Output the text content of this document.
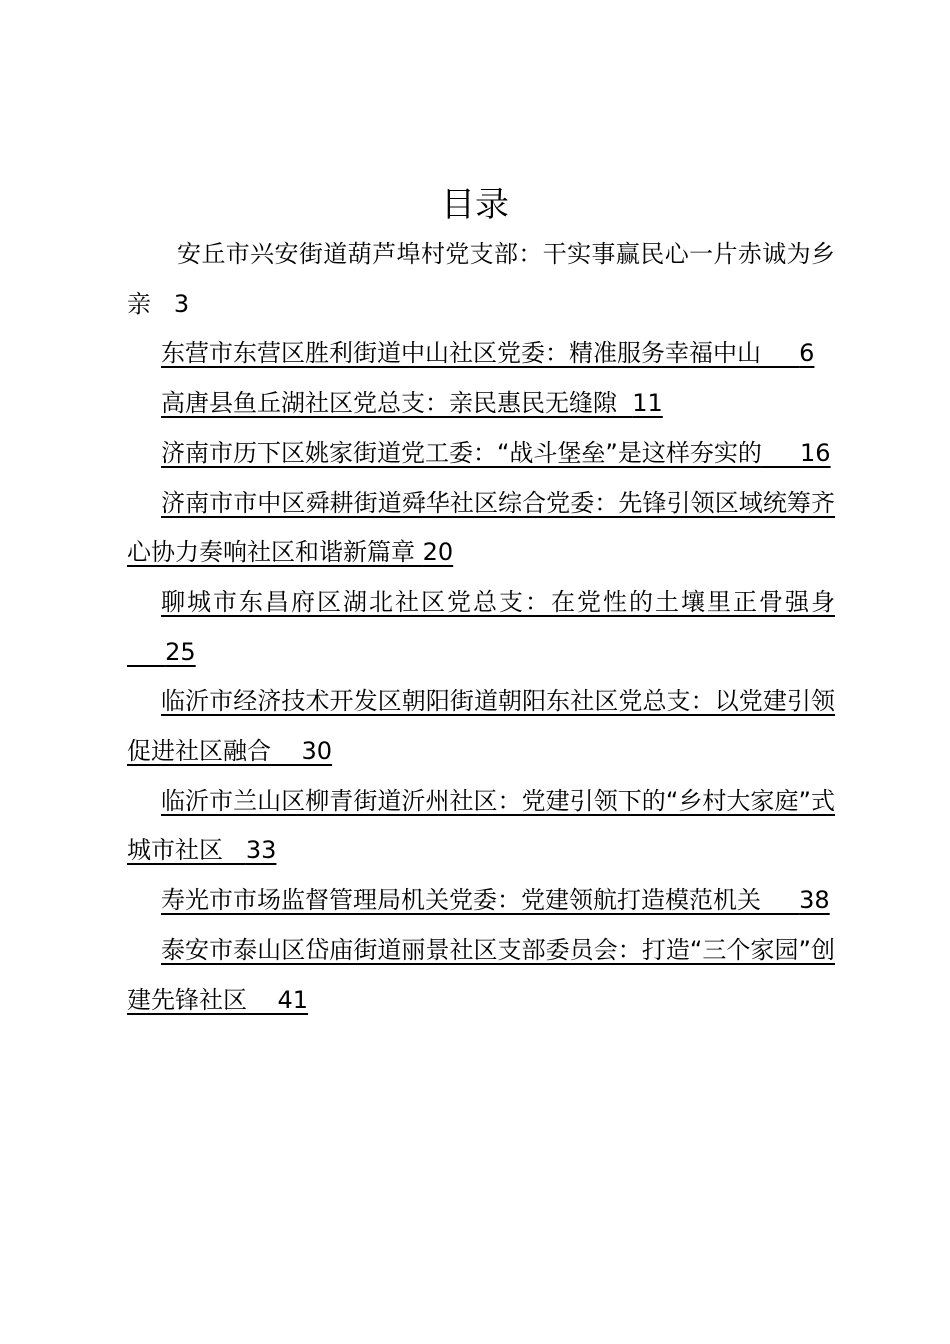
目录
安丘市兴安街道葫芦埠村党支部：干实事赢民心一片赤诚为乡亲 3
东营市东营区胜利街道中山社区党委：精准服务幸福中山 6
高唐县鱼丘湖社区党总支：亲民惠民无缝隙 11
济南市历下区姚家街道党工委：“战斗堡垒”是这样夯实的 16
济南市市中区舜耕街道舜华社区综合党委：先锋引领区域统筹齐心协力奏响社区和谐新篇章 20
聊城市东昌府区湖北社区党总支：在党性的土壤里正骨强身     25
临沂市经济技术开发区朝阳街道朝阳东社区党总支：以党建引领促进社区融合 30
临沂市兰山区柳青街道沂州社区：党建引领下的“乡村大家庭”式城市社区 33
寿光市市场监督管理局机关党委：党建领航打造模范机关 38
泰安市泰山区岱庙街道丽景社区支部委员会：打造“三个家园”创建先锋社区 41
